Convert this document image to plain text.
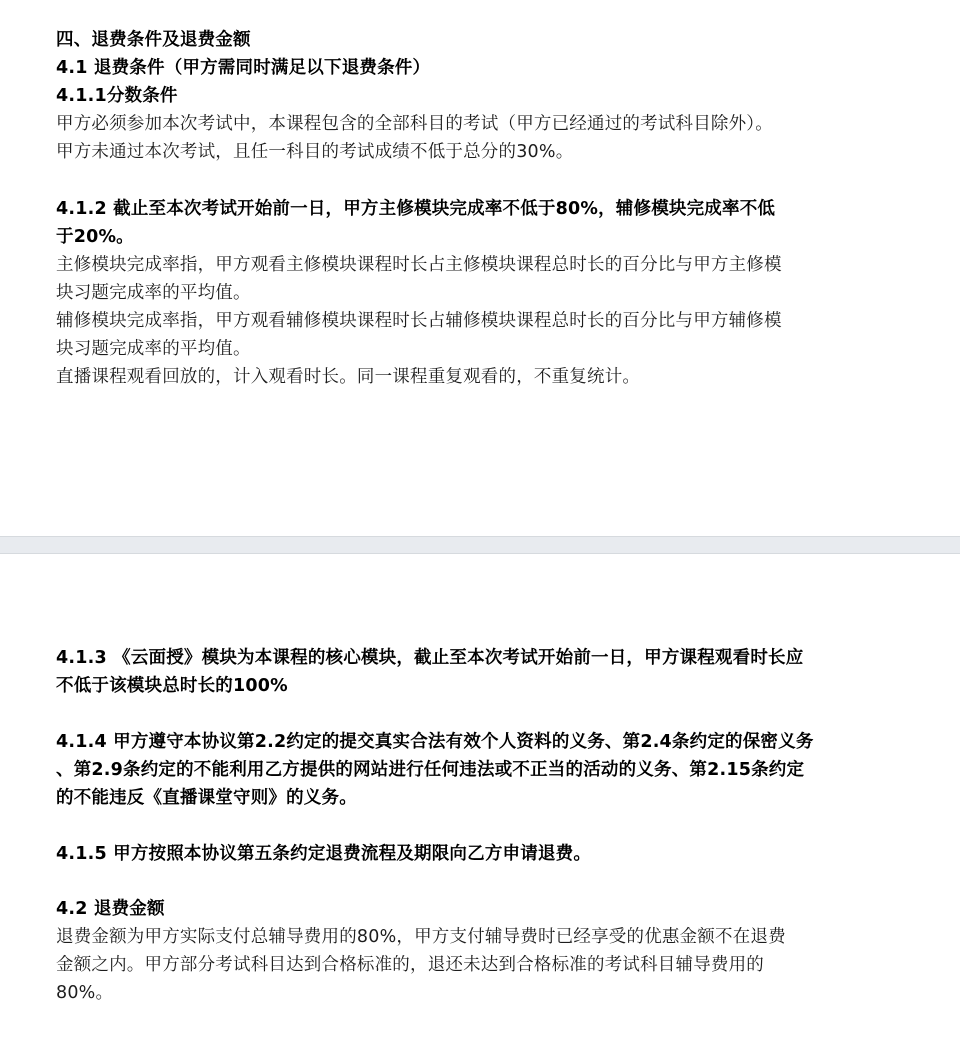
四、退费条件及退费金额

4.1 退费条件（甲方需同时满足以下退费条件）

4.1.1分数条件

甲方必须参加本次考试中，本课程包含的全部科目的考试（甲方已经通过的考试科目除外）。

甲方未通过本次考试，且任一科目的考试成绩不低于总分的30%。

4.1.2 截止至本次考试开始前一日，甲方主修模块完成率不低于80%，辅修模块完成率不低

于20%。

主修模块完成率指，甲方观看主修模块课程时长占主修模块课程总时长的百分比与甲方主修模

块习题完成率的平均值。

辅修模块完成率指，甲方观看辅修模块课程时长占辅修模块课程总时长的百分比与甲方辅修模

块习题完成率的平均值。

直播课程观看回放的，计入观看时长。同一课程重复观看的，不重复统计。

4.1.3 《云面授》模块为本课程的核心模块，截止至本次考试开始前一日，甲方课程观看时长应

不低于该模块总时长的100%

4.1.4 甲方遵守本协议第2.2约定的提交真实合法有效个人资料的义务、第2.4条约定的保密义务

、第2.9条约定的不能利用乙方提供的网站进行任何违法或不正当的活动的义务、第2.15条约定

的不能违反《直播课堂守则》的义务。

4.1.5 甲方按照本协议第五条约定退费流程及期限向乙方申请退费。

4.2 退费金额

退费金额为甲方实际支付总辅导费用的80%，甲方支付辅导费时已经享受的优惠金额不在退费

金额之内。甲方部分考试科目达到合格标准的，退还未达到合格标准的考试科目辅导费用的

80%。
